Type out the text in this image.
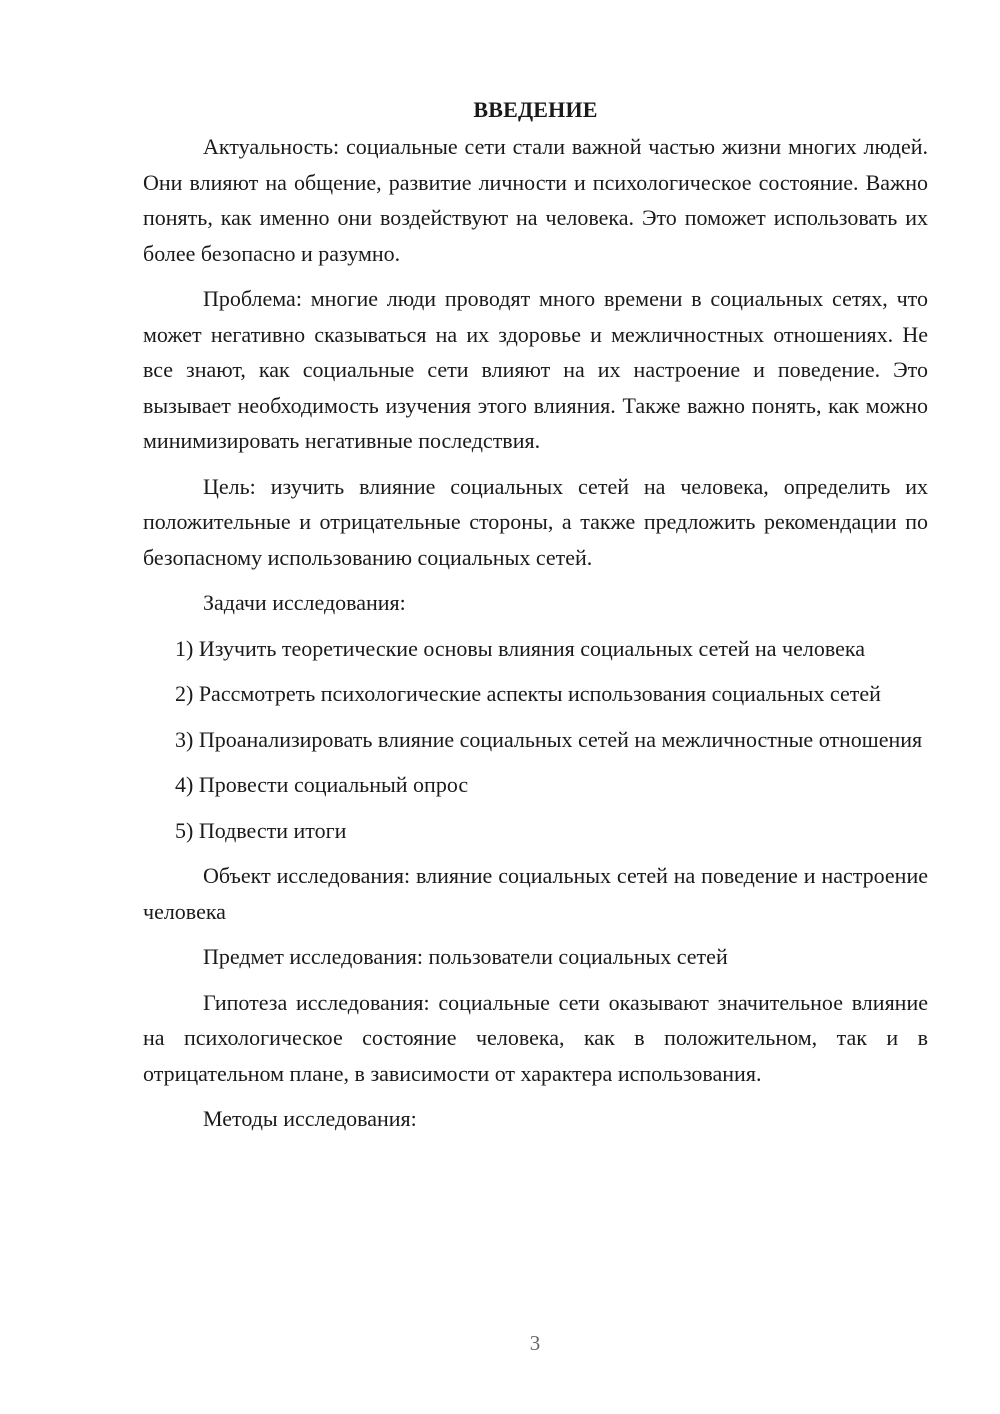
ВВЕДЕНИЕ

Актуальность: социальные сети стали важной частью жизни многих людей. Они влияют на общение, развитие личности и психологическое состояние. Важно понять, как именно они воздействуют на человека. Это поможет использовать их более безопасно и разумно.

Проблема: многие люди проводят много времени в социальных сетях, что может негативно сказываться на их здоровье и межличностных отношениях. Не все знают, как социальные сети влияют на их настроение и поведение. Это вызывает необходимость изучения этого влияния. Также важно понять, как можно минимизировать негативные последствия.

Цель: изучить влияние социальных сетей на человека, определить их положительные и отрицательные стороны, а также предложить рекомендации по безопасному использованию социальных сетей.

Задачи исследования:

1) Изучить теоретические основы влияния социальных сетей на человека

2) Рассмотреть психологические аспекты использования социальных сетей

3) Проанализировать влияние социальных сетей на межличностные отношения

4) Провести социальный опрос

5) Подвести итоги

Объект исследования: влияние социальных сетей на поведение и настроение человека

Предмет исследования: пользователи социальных сетей

Гипотеза исследования: социальные сети оказывают значительное влияние на психологическое состояние человека, как в положительном, так и в отрицательном плане, в зависимости от характера использования.

Методы исследования:

3
